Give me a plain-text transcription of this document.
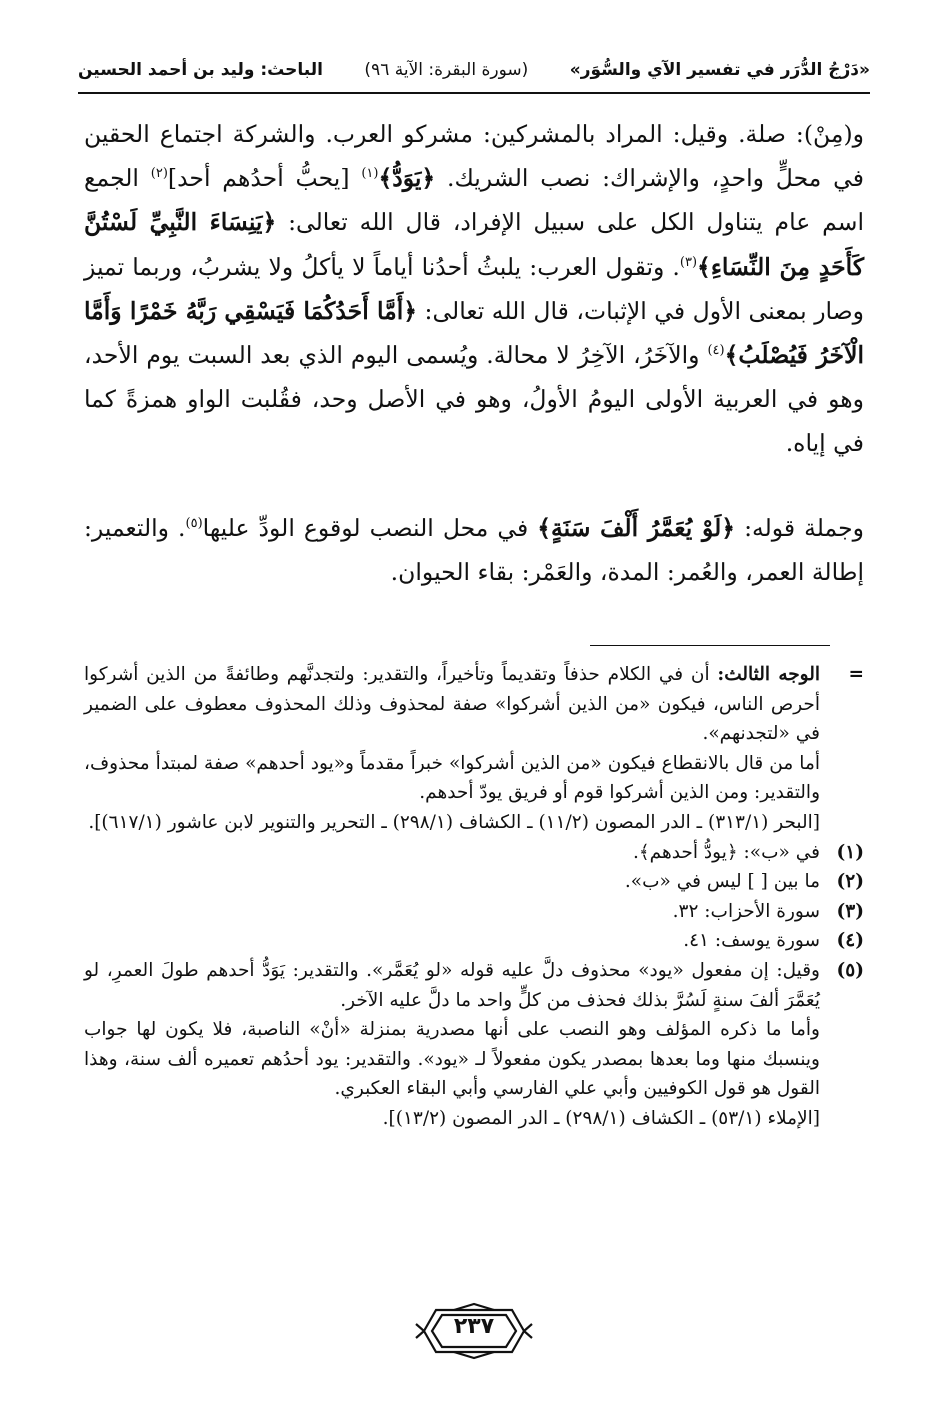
«دَرْجُ الدُّرَر في تفسير الآي والسُّوَر»
(سورة البقرة: الآية ٩٦)
الباحث: وليد بن أحمد الحسين

و(مِنْ): صلة. وقيل: المراد بالمشركين: مشركو العرب. والشركة اجتماع الحقين في محلٍّ واحدٍ، والإشراك: نصب الشريك. ﴿يَوَدُّ﴾$^{(١)}$ [يحبُّ أحدُهم أحد]$^{(٢)}$ الجمع اسم عام يتناول الكل على سبيل الإفراد، قال الله تعالى: ﴿يَنِسَاءَ النَّبِيِّ لَسْتُنَّ كَأَحَدٍ مِنَ النِّسَاءِ﴾$^{(٣)}$. وتقول العرب: يلبثُ أحدُنا أياماً لا يأكلُ ولا يشربُ، وربما تميز وصار بمعنى الأول في الإثبات، قال الله تعالى: ﴿أَمَّا أَحَدُكُمَا فَيَسْقِي رَبَّهُ خَمْرًا وَأَمَّا الْآخَرُ فَيُصْلَبُ﴾$^{(٤)}$ والآخَرُ، الآخِرُ لا محالة. ويُسمى اليوم الذي بعد السبت يوم الأحد، وهو في العربية الأولى اليومُ الأولُ، وهو في الأصل وحد، فقُلبت الواو همزةً كما في إياه.

وجملة قوله: ﴿لَوْ يُعَمَّرُ أَلْفَ سَنَةٍ﴾ في محل النصب لوقوع الودِّ عليها$^{(٥)}$. والتعمير: إطالة العمر، والعُمر: المدة، والعَمْر: بقاء الحيوان.

=

الوجه الثالث: أن في الكلام حذفاً وتقديماً وتأخيراً، والتقدير: ولتجدنَّهم وطائفةً من الذين أشركوا أحرص الناس، فيكون «من الذين أشركوا» صفة لمحذوف وذلك المحذوف معطوف على الضمير في «لتجدنهم».

أما من قال بالانقطاع فيكون «من الذين أشركوا» خبراً مقدماً و«يود أحدهم» صفة لمبتدأ محذوف، والتقدير: ومن الذين أشركوا قوم أو فريق يودّ أحدهم.

[البحر (٣١٣/١) ـ الدر المصون (١١/٢) ـ الكشاف (٢٩٨/١) ـ التحرير والتنوير لابن عاشور (٦١٧/١)].

(١)

في «ب»: ﴿يودُّ أحدهم﴾.

(٢)

ما بين [ ] ليس في «ب».

(٣)

سورة الأحزاب: ٣٢.

(٤)

سورة يوسف: ٤١.

(٥)

وقيل: إن مفعول «يود» محذوف دلَّ عليه قوله «لو يُعَمَّر». والتقدير: يَوَدُّ أحدهم طولَ العمرِ، لو يُعَمَّرَ ألفَ سنةٍ لَسُرَّ بذلك فحذف من كلٍّ واحد ما دلَّ عليه الآخر.

وأما ما ذكره المؤلف وهو النصب على أنها مصدرية بمنزلة «أنْ» الناصبة، فلا يكون لها جواب وينسبك منها وما بعدها بمصدر يكون مفعولاً لـ «يود». والتقدير: يود أحدُهم تعميره ألف سنة، وهذا القول هو قول الكوفيين وأبي علي الفارسي وأبي البقاء العكبري.

[الإملاء (٥٣/١) ـ الكشاف (٢٩٨/١) ـ الدر المصون (١٣/٢)].

٢٣٧
